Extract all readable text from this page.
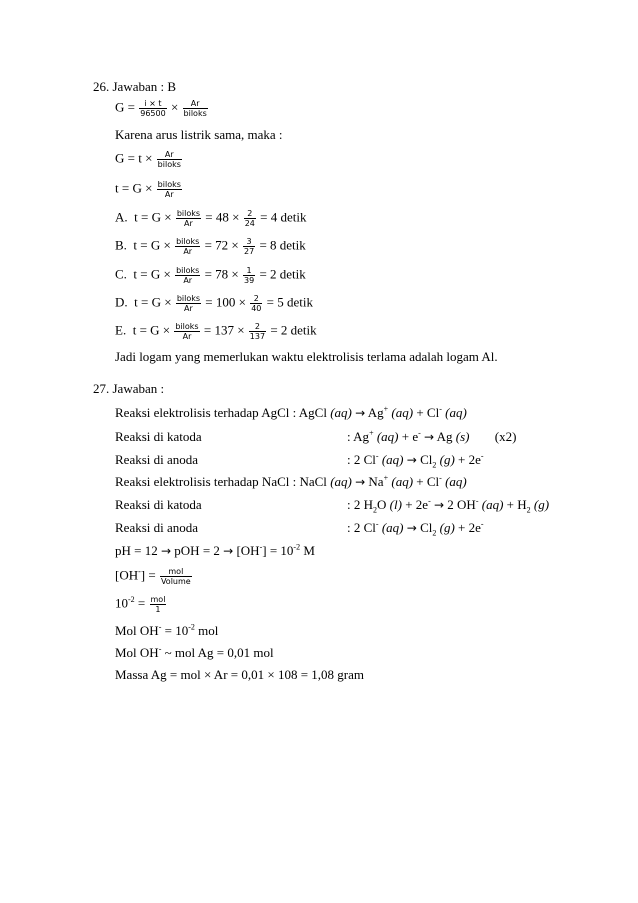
26. Jawaban : B
$G = \frac{i \times t}{96500} \times \frac{Ar}{\text{biloks}}$
Karena arus listrik sama, maka :
$G = t \times \frac{Ar}{\text{biloks}}$
$t = G \times \frac{\text{biloks}}{Ar}$
A. $t = G \times \frac{\text{biloks}}{Ar} = 48 \times \frac{2}{24} = 4$ detik
B. $t = G \times \frac{\text{biloks}}{Ar} = 72 \times \frac{3}{27} = 8$ detik
C. $t = G \times \frac{\text{biloks}}{Ar} = 78 \times \frac{1}{39} = 2$ detik
D. $t = G \times \frac{\text{biloks}}{Ar} = 100 \times \frac{2}{40} = 5$ detik
E. $t = G \times \frac{\text{biloks}}{Ar} = 137 \times \frac{2}{137} = 2$ detik
Jadi logam yang memerlukan waktu elektrolisis terlama adalah logam Al.
27. Jawaban :
Reaksi elektrolisis terhadap AgCl : AgCl (aq) → Ag+ (aq) + Cl- (aq)
Reaksi di katoda	: Ag+ (aq) + e- → Ag (s) (x2)
Reaksi di anoda	: 2 Cl- $(aq) \to Cl_2$ (g) + 2e-
Reaksi elektrolisis terhadap NaCl : NaCl (aq) → Na+ (aq) + Cl- (aq)
Reaksi di katoda	: 2 $H_2O$ (l) + 2e- → 2 OH- $(aq) + H_2$ (g)
Reaksi di anoda	: 2 Cl- $(aq) \to Cl_2$ (g) + 2e-
pH = 12 → pOH = $2 \to [OH^-] = 10^{-2}$ M
$[OH^-] = \frac{\text{mol}}{\text{Volume}}$
$10^{-2} = \frac{\text{mol}}{1}$
Mol $OH^- = 10^{-2}$ mol
Mol OH- ~ mol Ag = 0,01 mol
Massa Ag = mol × Ar = 0,01 × 108 = 1,08 gram
